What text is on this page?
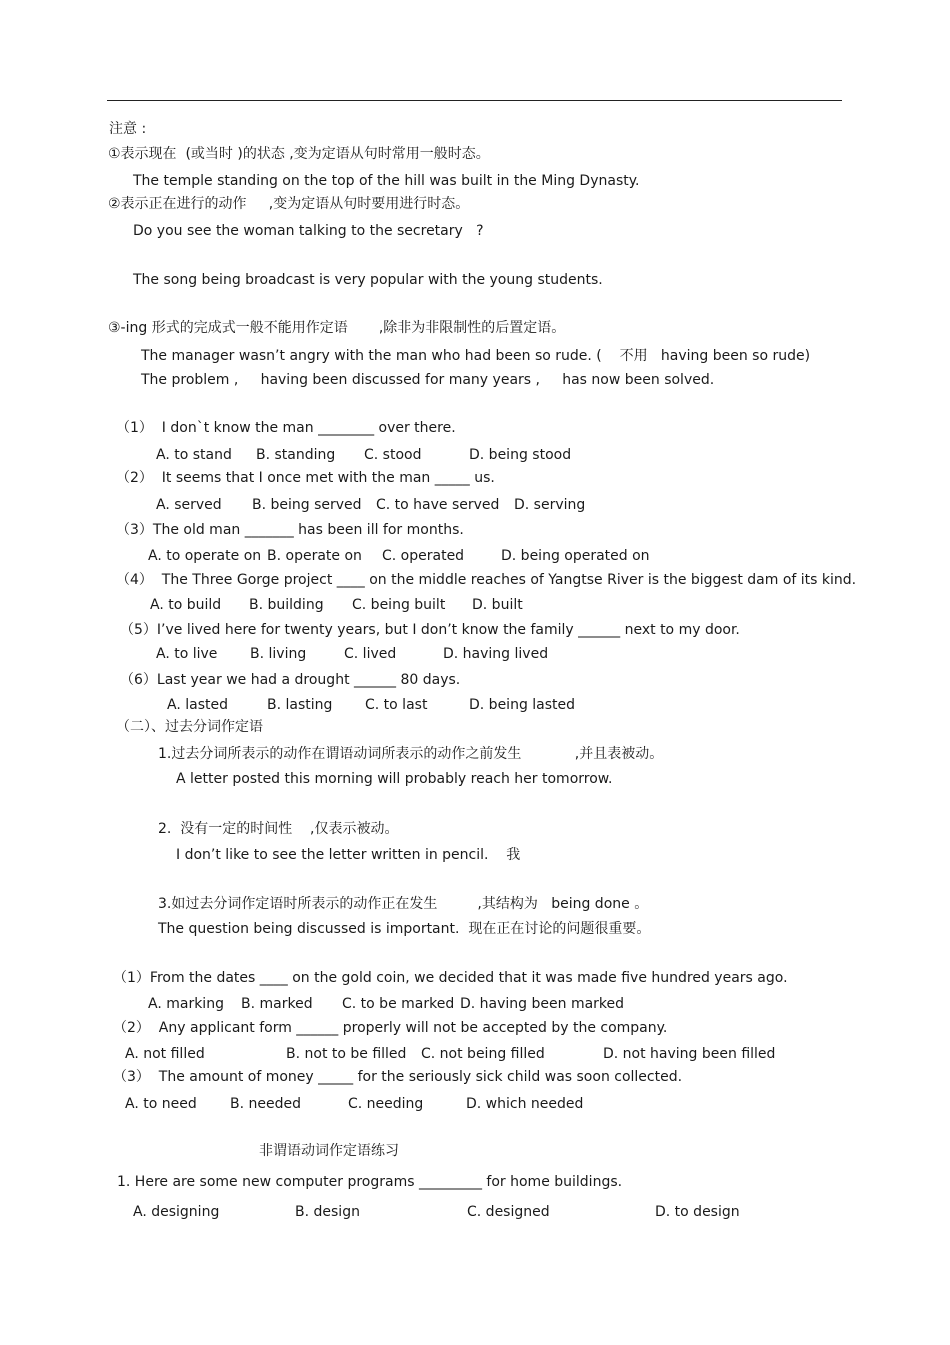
注意 :
①表示现在  (或当时 )的状态 ,变为定语从句时常用一般时态。
The temple standing on the top of the hill was built in the Ming Dynasty.
②表示正在进行的动作     ,变为定语从句时要用进行时态。
Do you see the woman talking to the secretary   ?
The song being broadcast is very popular with the young students.
③-ing 形式的完成式一般不能用作定语       ,除非为非限制性的后置定语。
The manager wasn’t angry with the man who had been so rude. (    不用   having been so rude)
The problem ,     having been discussed for many years ,     has now been solved.
（1）  I don`t know the man ________ over there.
A. to stand B. standing C. stood	D. being stood
（2）  It seems that I once met with the man _____ us.
A. served B. being served C. to have served D. serving
（3）The old man _______ has been ill for months.
A. to operate on B. operate on C. operated	D. being operated on
（4）  The Three Gorge project ____ on the middle reaches of Yangtse River is the biggest dam of its kind.
A. to build B. building C. being built D. built
（5）I’ve lived here for twenty years, but I don’t know the family ______ next to my door.
A. to live B. living	C. lived	D. having lived
（6）Last year we had a drought ______ 80 days.
A. lasted	B. lasting C. to last	D. being lasted
（二）、过去分词作定语
1.过去分词所表示的动作在谓语动词所表示的动作之前发生            ,并且表被动。
A letter posted this morning will probably reach her tomorrow.
2.  没有一定的时间性    ,仅表示被动。
I don’t like to see the letter written in pencil.    我
3.如过去分词作定语时所表示的动作正在发生         ,其结构为   being done 。
The question being discussed is important.  现在正在讨论的问题很重要。
（1）From the dates ____ on the gold coin, we decided that it was made five hundred years ago.
A. marking B. marked C. to be marked D. having been marked
（2）  Any applicant form ______ properly will not be accepted by the company.
A. not filled	B. not to be filled C. not being filled	D. not having been filled
（3）  The amount of money _____ for the seriously sick child was soon collected.
A. to need B. needed	C. needing	D. which needed
非谓语动词作定语练习
1. Here are some new computer programs _________ for home buildings.
A. designing	B. design	C. designed	D. to design
